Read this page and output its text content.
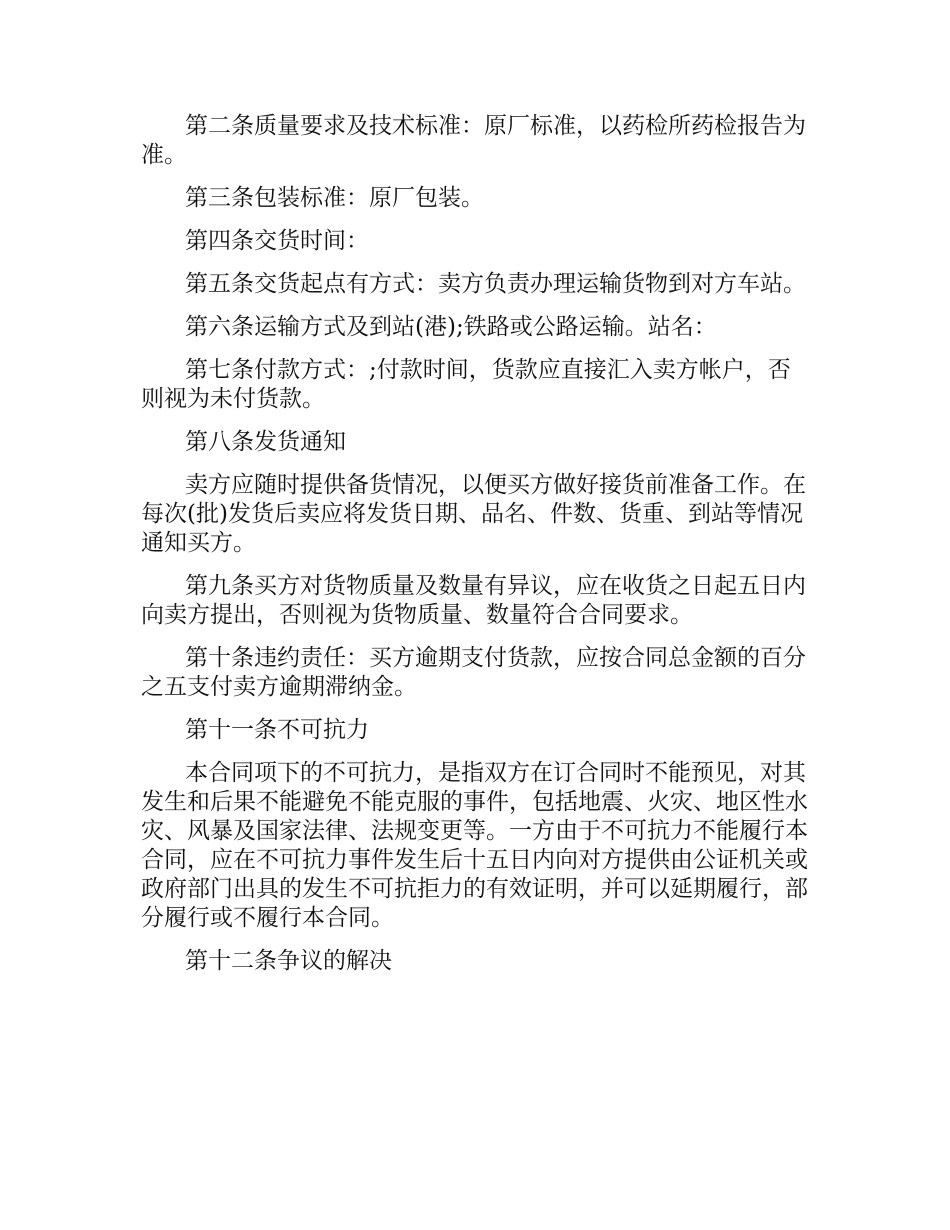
第二条质量要求及技术标准：原厂标准，以药检所药检报告为准。

第三条包装标准：原厂包装。

第四条交货时间：

第五条交货起点有方式：卖方负责办理运输货物到对方车站。

第六条运输方式及到站(港);铁路或公路运输。站名：

第七条付款方式：;付款时间，货款应直接汇入卖方帐户，否则视为未付货款。

第八条发货通知

卖方应随时提供备货情况，以便买方做好接货前准备工作。在每次(批)发货后卖应将发货日期、品名、件数、货重、到站等情况通知买方。

第九条买方对货物质量及数量有异议，应在收货之日起五日内向卖方提出，否则视为货物质量、数量符合合同要求。

第十条违约责任：买方逾期支付货款，应按合同总金额的百分之五支付卖方逾期滞纳金。

第十一条不可抗力

本合同项下的不可抗力，是指双方在订合同时不能预见，对其发生和后果不能避免不能克服的事件，包括地震、火灾、地区性水灾、风暴及国家法律、法规变更等。一方由于不可抗力不能履行本合同，应在不可抗力事件发生后十五日内向对方提供由公证机关或政府部门出具的发生不可抗拒力的有效证明，并可以延期履行，部分履行或不履行本合同。

第十二条争议的解决
